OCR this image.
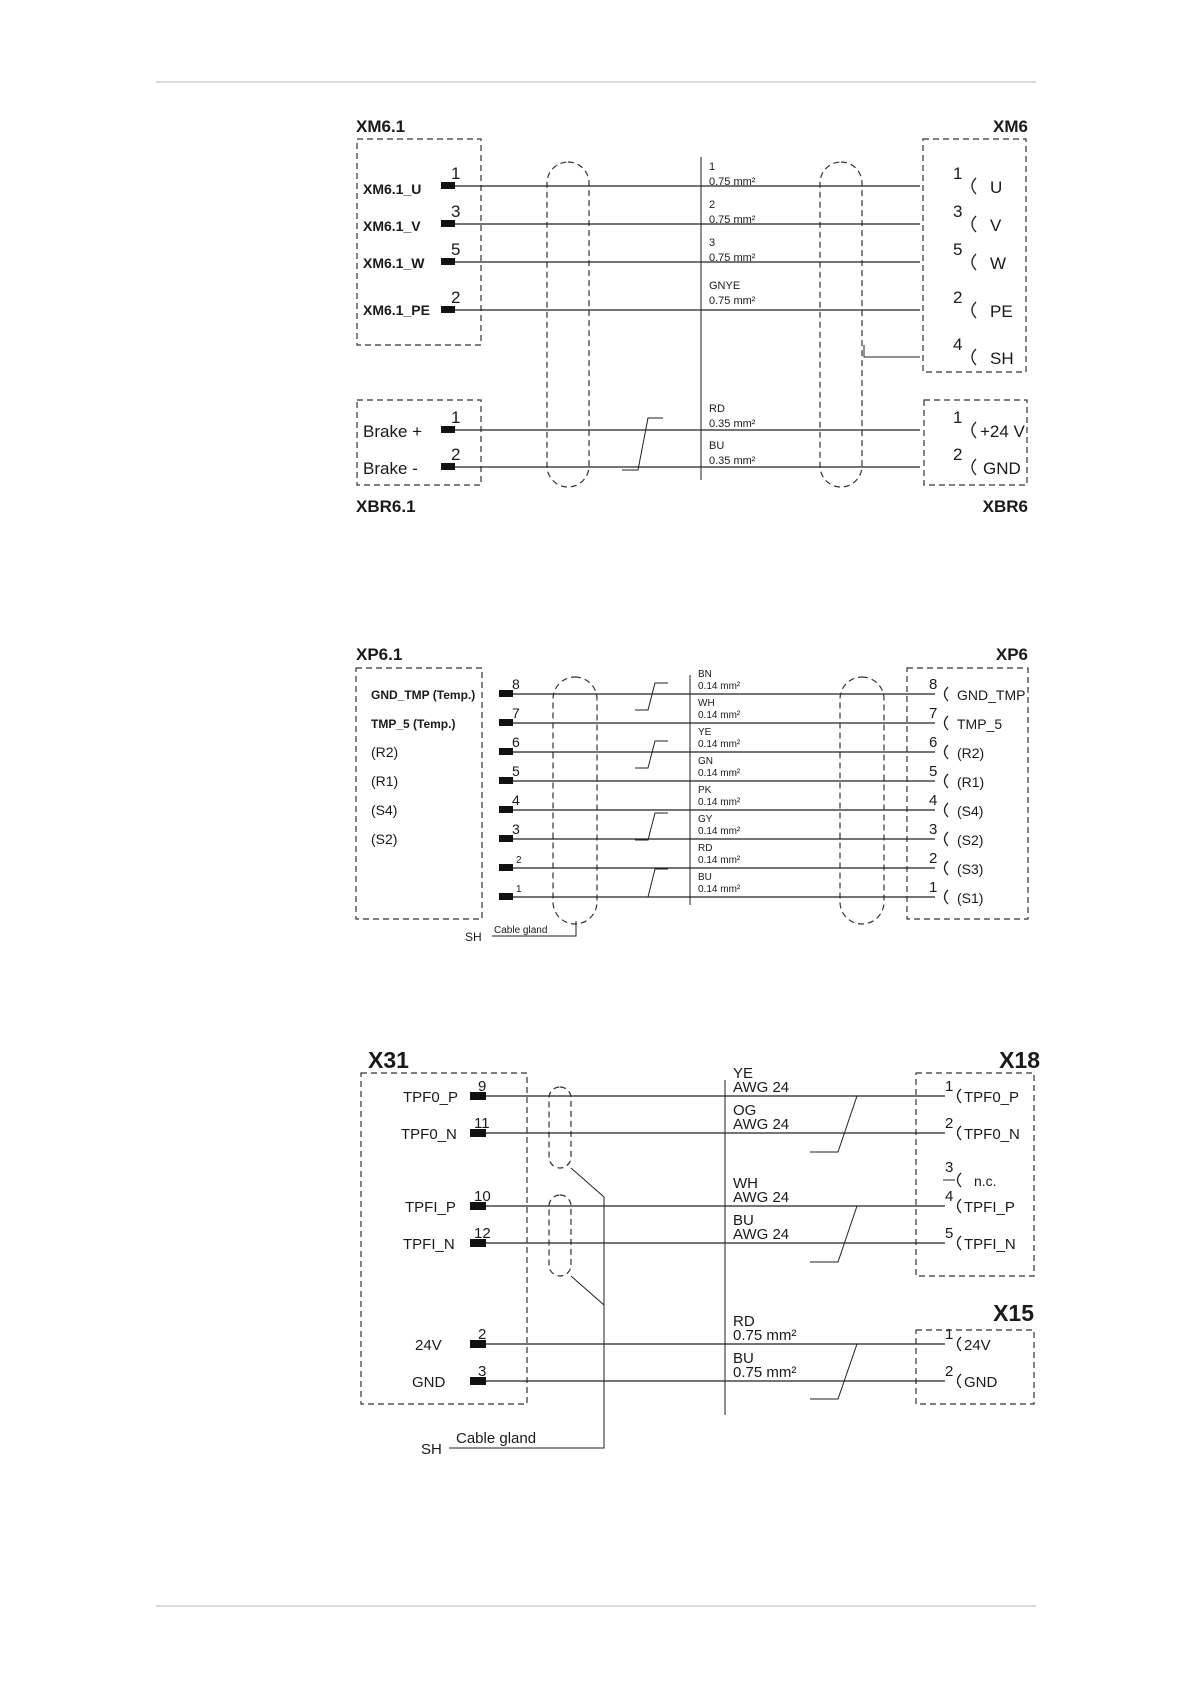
XM6.1	XM6
XBR6.1	XBR6
XM6.1_U
1	1
0.75 mm²	1
U
XM6.1_V
3	2
0.75 mm²	3
V
XM6.1_W
5	3
0.75 mm²	5
W
XM6.1_PE
2
GNYE
0.75 mm²	2
PE
4
SH
Brake +
1	RD
0.35 mm²	1
+24 V
Brake -
2	BU
0.35 mm²	2
GND
XP6.1	XP6
8
GND_TMP (Temp.)
BN
0.14 mm²	8
GND_TMP
7
TMP_5 (Temp.)
WH
0.14 mm²	7
TMP_5
6
(R2)
YE
0.14 mm²	6
(R2)
5
(R1)
GN
0.14 mm²	5
(R1)
4
(S4)
PK
0.14 mm²	4
(S4)
3
(S2)
GY
0.14 mm²	3
(S2)
2
RD
0.14 mm²	2
(S3)
1
BU
0.14 mm²	1
(S1)
SH Cable gland
X31	X18
X15
9
TPF0_P
YE
AWG 24	1
TPF0_P
11
TPF0_N
OG
AWG 24	2
TPF0_N
10
TPFI_P
WH
AWG 24	4
TPFI_P
12
TPFI_N
BU
AWG 24	5
TPFI_N
2
24V
RD
0.75 mm²	1
24V
3
GND
BU
0.75 mm²	2
GND
3
n.c.
SH
Cable gland
